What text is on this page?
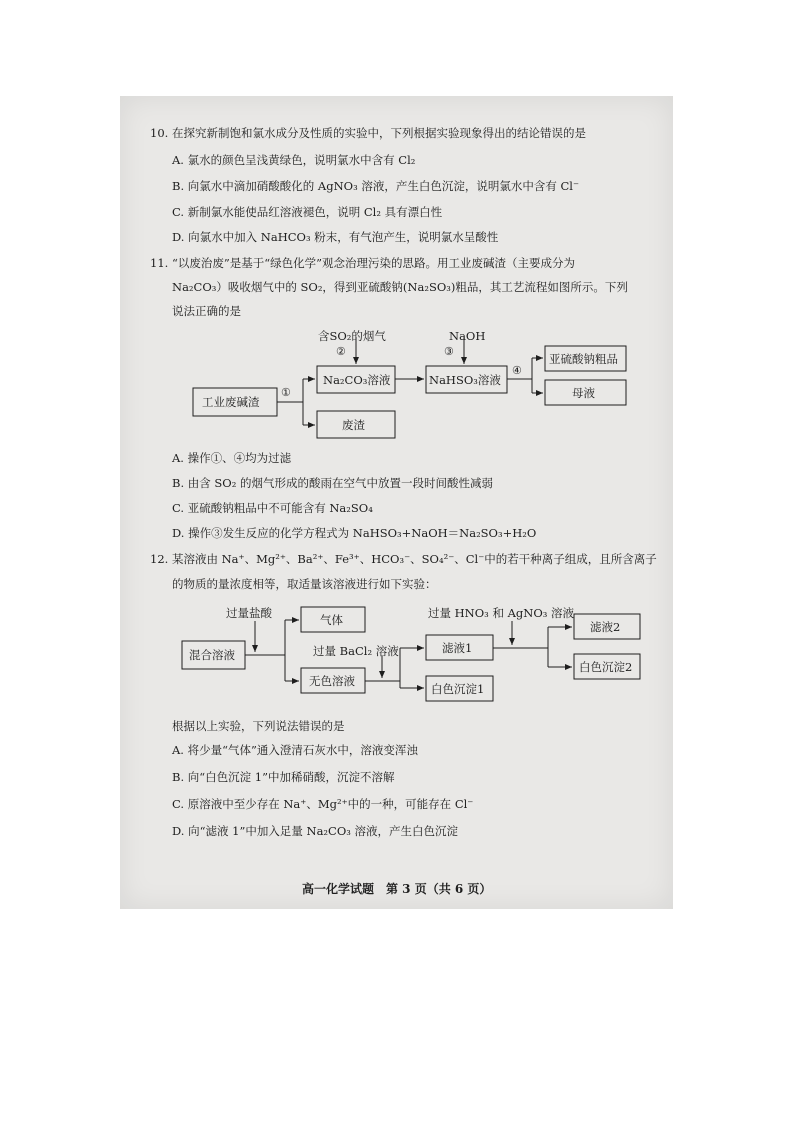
10. 在探究新制饱和氯水成分及性质的实验中，下列根据实验现象得出的结论错误的是
A. 氯水的颜色呈浅黄绿色，说明氯水中含有 Cl₂
B. 向氯水中滴加硝酸酸化的 AgNO₃ 溶液，产生白色沉淀，说明氯水中含有 Cl⁻
C. 新制氯水能使品红溶液褪色，说明 Cl₂ 具有漂白性
D. 向氯水中加入 NaHCO₃ 粉末，有气泡产生，说明氯水呈酸性
11. “以废治废”是基于“绿色化学”观念治理污染的思路。用工业废碱渣（主要成分为
Na₂CO₃）吸收烟气中的 SO₂，得到亚硫酸钠(Na₂SO₃)粗品，其工艺流程如图所示。下列
说法正确的是
工业废碱渣
①
Na₂CO₃溶液
废渣
含SO₂的烟气
②
NaOH
③
NaHSO₃溶液
④
亚硫酸钠粗品
母液
A. 操作①、④均为过滤
B. 由含 SO₂ 的烟气形成的酸雨在空气中放置一段时间酸性减弱
C. 亚硫酸钠粗品中不可能含有 Na₂SO₄
D. 操作③发生反应的化学方程式为 NaHSO₃+NaOH＝Na₂SO₃+H₂O
12. 某溶液由 Na⁺、Mg²⁺、Ba²⁺、Fe³⁺、HCO₃⁻、SO₄²⁻、Cl⁻中的若干种离子组成，且所含离子
的物质的量浓度相等，取适量该溶液进行如下实验：
混合溶液
过量盐酸	气体
无色溶液
过量 BaCl₂ 溶液	滤液1
白色沉淀1
过量 HNO₃ 和 AgNO₃ 溶液
滤液2
白色沉淀2
根据以上实验，下列说法错误的是
A. 将少量“气体”通入澄清石灰水中，溶液变浑浊
B. 向“白色沉淀 1”中加稀硝酸，沉淀不溶解
C. 原溶液中至少存在 Na⁺、Mg²⁺中的一种，可能存在 Cl⁻
D. 向“滤液 1”中加入足量 Na₂CO₃ 溶液，产生白色沉淀
高一化学试题　第 3 页（共 6 页）
